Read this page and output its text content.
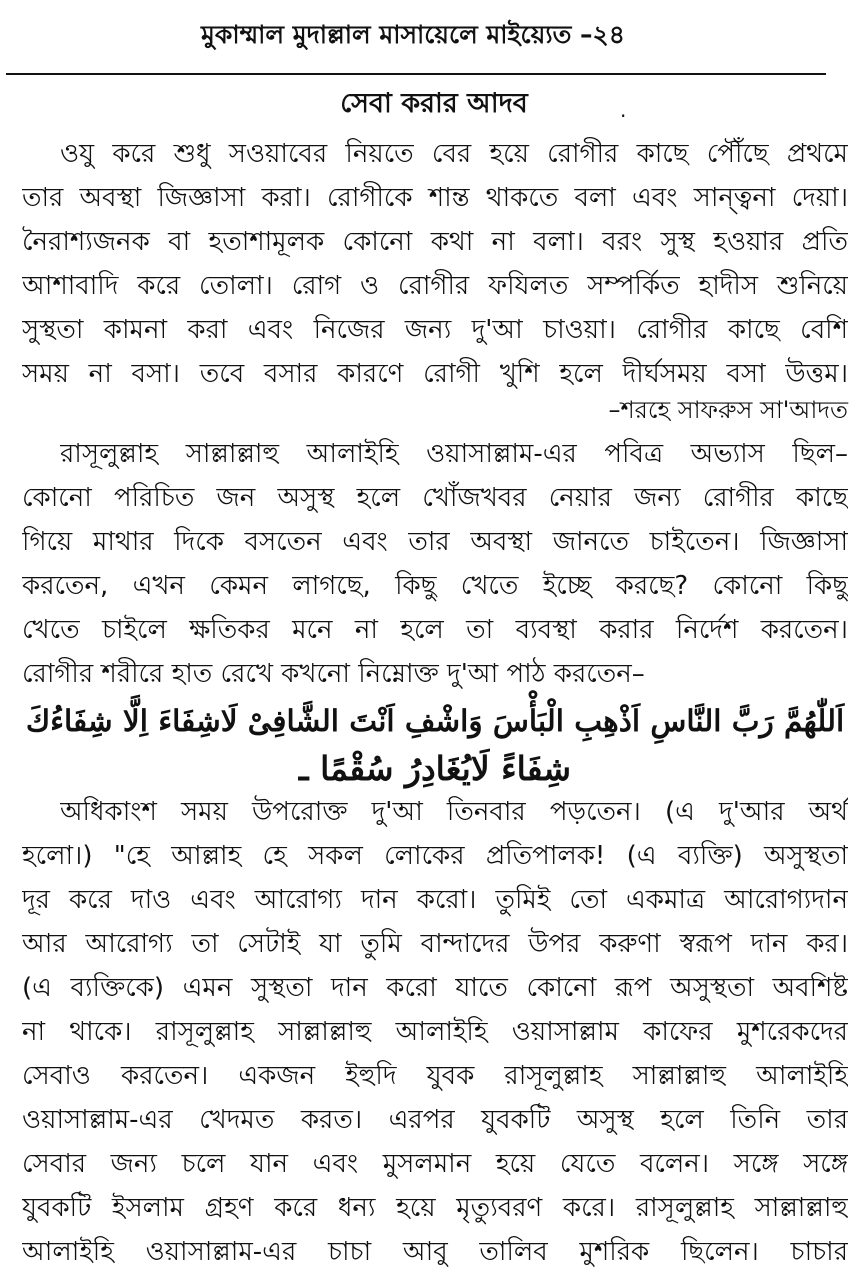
মুকাম্মাল মুদাল্লাল মাসায়েলে মাইয়্যেত –২৪
সেবা করার আদব	.
ওযু করে শুধু সওয়াবের নিয়তে বের হয়ে রোগীর কাছে পৌঁছে প্রথমে
তার অবস্থা জিজ্ঞাসা করা। রোগীকে শান্ত থাকতে বলা এবং সান্ত্বনা দেয়া।
নৈরাশ্যজনক বা হতাশামূলক কোনো কথা না বলা। বরং সুস্থ হওয়ার প্রতি
আশাবাদি করে তোলা। রোগ ও রোগীর ফযিলত সম্পর্কিত হাদীস শুনিয়ে
সুস্থতা কামনা করা এবং নিজের জন্য দু'আ চাওয়া। রোগীর কাছে বেশি
সময় না বসা। তবে বসার কারণে রোগী খুশি হলে দীর্ঘসময় বসা উত্তম।
–শরহে সাফরুস সা'আদত
রাসূলুল্লাহ সাল্লাল্লাহু আলাইহি ওয়াসাল্লাম-এর পবিত্র অভ্যাস ছিল–
কোনো পরিচিত জন অসুস্থ হলে খোঁজখবর নেয়ার জন্য রোগীর কাছে
গিয়ে মাথার দিকে বসতেন এবং তার অবস্থা জানতে চাইতেন। জিজ্ঞাসা
করতেন, এখন কেমন লাগছে, কিছু খেতে ইচ্ছে করছে? কোনো কিছু
খেতে চাইলে ক্ষতিকর মনে না হলে তা ব্যবস্থা করার নির্দেশ করতেন।
রোগীর শরীরে হাত রেখে কখনো নিম্নোক্ত দু'আ পাঠ করতেন–
اَللّٰهُمَّ رَبَّ النَّاسِ اَذْهِبِ الْبَأْسَ وَاشْفِ اَنْتَ الشَّافِىْ لَاشِفَاءَ اِلَّا شِفَاءُكَ
شِفَاءً لَايُغَادِرُ سُقْمًا ـ
অধিকাংশ সময় উপরোক্ত দু'আ তিনবার পড়তেন। (এ দু'আর অর্থ
হলো।) "হে আল্লাহ হে সকল লোকের প্রতিপালক! (এ ব্যক্তি) অসুস্থতা
দূর করে দাও এবং আরোগ্য দান করো। তুমিই তো একমাত্র আরোগ্যদান
আর আরোগ্য তা সেটাই যা তুমি বান্দাদের উপর করুণা স্বরূপ দান কর।
(এ ব্যক্তিকে) এমন সুস্থতা দান করো যাতে কোনো রূপ অসুস্থতা অবশিষ্ট
না থাকে। রাসূলুল্লাহ সাল্লাল্লাহু আলাইহি ওয়াসাল্লাম কাফের মুশরেকদের
সেবাও করতেন। একজন ইহুদি যুবক রাসূলুল্লাহ সাল্লাল্লাহু আলাইহি
ওয়াসাল্লাম-এর খেদমত করত। এরপর যুবকটি অসুস্থ হলে তিনি তার
সেবার জন্য চলে যান এবং মুসলমান হয়ে যেতে বলেন। সঙ্গে সঙ্গে
যুবকটি ইসলাম গ্রহণ করে ধন্য হয়ে মৃত্যুবরণ করে। রাসূলুল্লাহ সাল্লাল্লাহু
আলাইহি ওয়াসাল্লাম-এর চাচা আবু তালিব মুশরিক ছিলেন। চাচার
